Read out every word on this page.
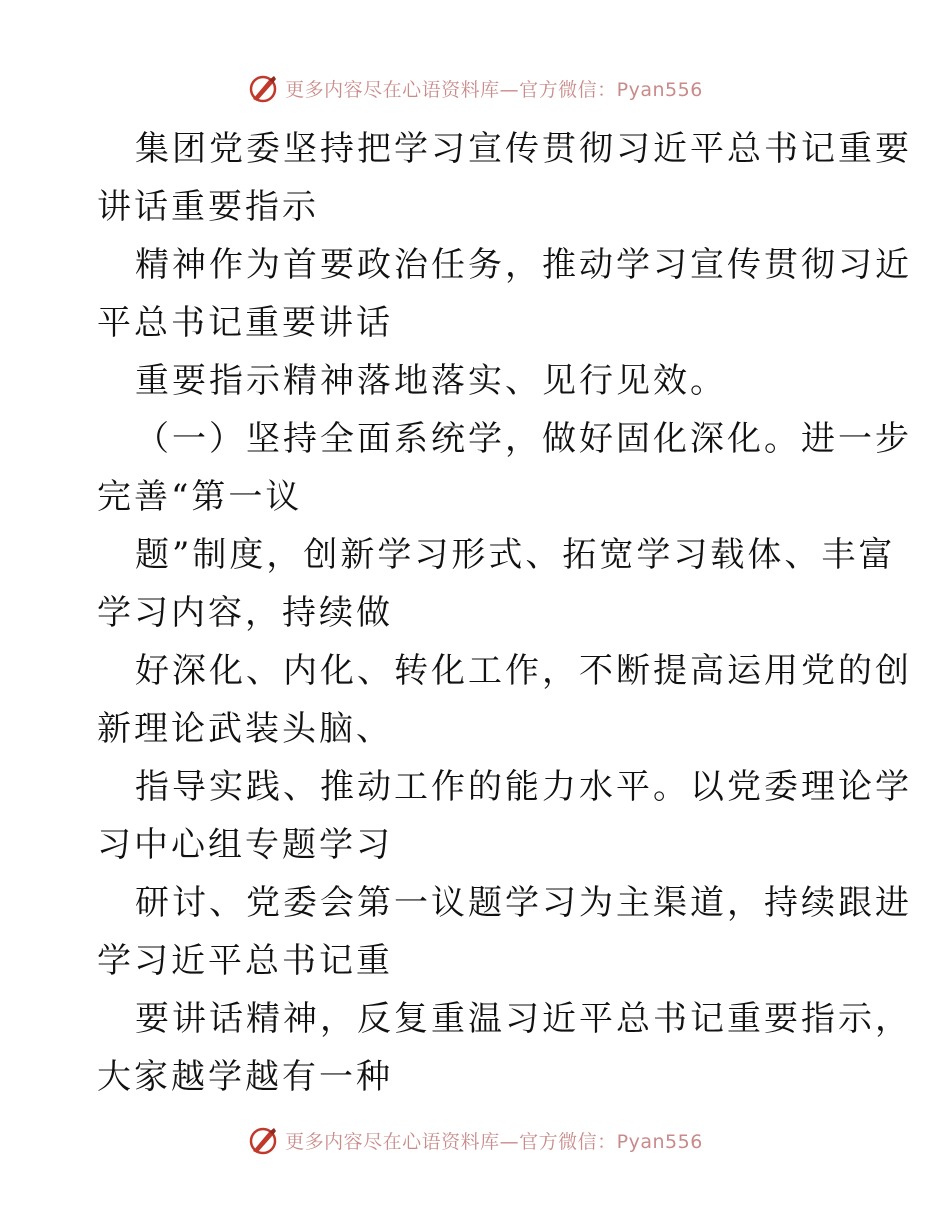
更多内容尽在心语资料库—官方微信：Pyan556
集团党委坚持把学习宣传贯彻习近平总书记重要
讲话重要指示
精神作为首要政治任务，推动学习宣传贯彻习近
平总书记重要讲话
重要指示精神落地落实、见行见效。
（一）坚持全面系统学，做好固化深化。进一步
完善“第一议
题”制度，创新学习形式、拓宽学习载体、丰富
学习内容，持续做
好深化、内化、转化工作，不断提高运用党的创
新理论武装头脑、
指导实践、推动工作的能力水平。以党委理论学
习中心组专题学习
研讨、党委会第一议题学习为主渠道，持续跟进
学习近平总书记重
要讲话精神，反复重温习近平总书记重要指示，
大家越学越有一种
更多内容尽在心语资料库—官方微信：Pyan556
